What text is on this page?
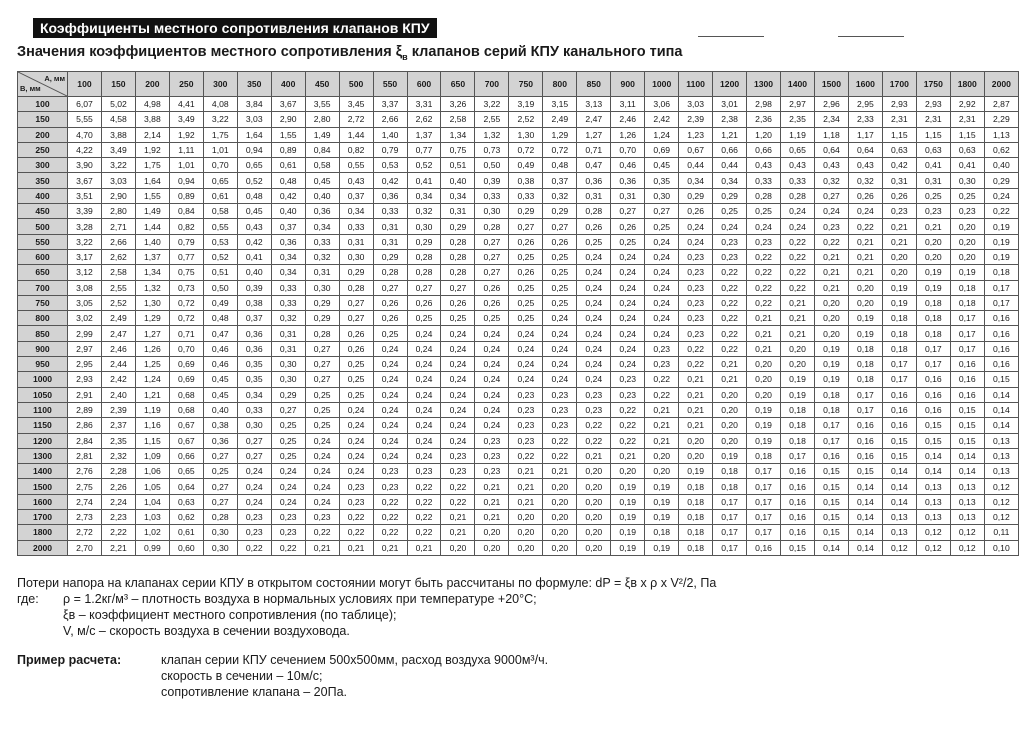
Коэффициенты местного сопротивления клапанов КПУ
Значения коэффициентов местного сопротивления $\xi_в$ клапанов серий КПУ канального типа
А, мм
В, мм	100	150	200	250	300	350	400	450	500	550	600	650	700	750	800	850	900	1000	1100	1200	1300	1400	1500	1600	1700	1750	1800	2000
100	6,07	5,02	4,98	4,41	4,08	3,84	3,67	3,55	3,45	3,37	3,31	3,26	3,22	3,19	3,15	3,13	3,11	3,06	3,03	3,01	2,98	2,97	2,96	2,95	2,93	2,93	2,92	2,87
150	5,55	4,58	3,88	3,49	3,22	3,03	2,90	2,80	2,72	2,66	2,62	2,58	2,55	2,52	2,49	2,47	2,46	2,42	2,39	2,38	2,36	2,35	2,34	2,33	2,31	2,31	2,31	2,29
200	4,70	3,88	2,14	1,92	1,75	1,64	1,55	1,49	1,44	1,40	1,37	1,34	1,32	1,30	1,29	1,27	1,26	1,24	1,23	1,21	1,20	1,19	1,18	1,17	1,15	1,15	1,15	1,13
250	4,22	3,49	1,92	1,11	1,01	0,94	0,89	0,84	0,82	0,79	0,77	0,75	0,73	0,72	0,72	0,71	0,70	0,69	0,67	0,66	0,66	0,65	0,64	0,64	0,63	0,63	0,63	0,62
300	3,90	3,22	1,75	1,01	0,70	0,65	0,61	0,58	0,55	0,53	0,52	0,51	0,50	0,49	0,48	0,47	0,46	0,45	0,44	0,44	0,43	0,43	0,43	0,43	0,42	0,41	0,41	0,40
350	3,67	3,03	1,64	0,94	0,65	0,52	0,48	0,45	0,43	0,42	0,41	0,40	0,39	0,38	0,37	0,36	0,36	0,35	0,34	0,34	0,33	0,33	0,32	0,32	0,31	0,31	0,30	0,29
400	3,51	2,90	1,55	0,89	0,61	0,48	0,42	0,40	0,37	0,36	0,34	0,34	0,33	0,33	0,32	0,31	0,31	0,30	0,29	0,29	0,28	0,28	0,27	0,26	0,26	0,25	0,25	0,24
450	3,39	2,80	1,49	0,84	0,58	0,45	0,40	0,36	0,34	0,33	0,32	0,31	0,30	0,29	0,29	0,28	0,27	0,27	0,26	0,25	0,25	0,24	0,24	0,24	0,23	0,23	0,23	0,22
500	3,28	2,71	1,44	0,82	0,55	0,43	0,37	0,34	0,33	0,31	0,30	0,29	0,28	0,27	0,27	0,26	0,26	0,25	0,24	0,24	0,24	0,24	0,23	0,22	0,21	0,21	0,20	0,19
550	3,22	2,66	1,40	0,79	0,53	0,42	0,36	0,33	0,31	0,31	0,29	0,28	0,27	0,26	0,26	0,25	0,25	0,24	0,24	0,23	0,23	0,22	0,22	0,21	0,21	0,20	0,20	0,19
600	3,17	2,62	1,37	0,77	0,52	0,41	0,34	0,32	0,30	0,29	0,28	0,28	0,27	0,25	0,25	0,24	0,24	0,24	0,23	0,23	0,22	0,22	0,21	0,21	0,20	0,20	0,20	0,19
650	3,12	2,58	1,34	0,75	0,51	0,40	0,34	0,31	0,29	0,28	0,28	0,28	0,27	0,26	0,25	0,24	0,24	0,24	0,23	0,22	0,22	0,22	0,21	0,21	0,20	0,19	0,19	0,18
700	3,08	2,55	1,32	0,73	0,50	0,39	0,33	0,30	0,28	0,27	0,27	0,27	0,26	0,25	0,25	0,24	0,24	0,24	0,23	0,22	0,22	0,22	0,21	0,20	0,19	0,19	0,18	0,17
750	3,05	2,52	1,30	0,72	0,49	0,38	0,33	0,29	0,27	0,26	0,26	0,26	0,26	0,25	0,25	0,24	0,24	0,24	0,23	0,22	0,22	0,21	0,20	0,20	0,19	0,18	0,18	0,17
800	3,02	2,49	1,29	0,72	0,48	0,37	0,32	0,29	0,27	0,26	0,25	0,25	0,25	0,25	0,24	0,24	0,24	0,24	0,23	0,22	0,21	0,21	0,20	0,19	0,18	0,18	0,17	0,16
850	2,99	2,47	1,27	0,71	0,47	0,36	0,31	0,28	0,26	0,25	0,24	0,24	0,24	0,24	0,24	0,24	0,24	0,24	0,23	0,22	0,21	0,21	0,20	0,19	0,18	0,18	0,17	0,16
900	2,97	2,46	1,26	0,70	0,46	0,36	0,31	0,27	0,26	0,24	0,24	0,24	0,24	0,24	0,24	0,24	0,24	0,23	0,22	0,22	0,21	0,20	0,19	0,18	0,18	0,17	0,17	0,16
950	2,95	2,44	1,25	0,69	0,46	0,35	0,30	0,27	0,25	0,24	0,24	0,24	0,24	0,24	0,24	0,24	0,24	0,23	0,22	0,21	0,20	0,20	0,19	0,18	0,17	0,17	0,16	0,16
1000	2,93	2,42	1,24	0,69	0,45	0,35	0,30	0,27	0,25	0,24	0,24	0,24	0,24	0,24	0,24	0,24	0,23	0,22	0,21	0,21	0,20	0,19	0,19	0,18	0,17	0,16	0,16	0,15
1050	2,91	2,40	1,21	0,68	0,45	0,34	0,29	0,25	0,25	0,24	0,24	0,24	0,24	0,23	0,23	0,23	0,23	0,22	0,21	0,20	0,20	0,19	0,18	0,17	0,16	0,16	0,16	0,14
1100	2,89	2,39	1,19	0,68	0,40	0,33	0,27	0,25	0,24	0,24	0,24	0,24	0,24	0,23	0,23	0,23	0,22	0,21	0,21	0,20	0,19	0,18	0,18	0,17	0,16	0,16	0,15	0,14
1150	2,86	2,37	1,16	0,67	0,38	0,30	0,25	0,25	0,24	0,24	0,24	0,24	0,24	0,23	0,23	0,22	0,22	0,21	0,21	0,20	0,19	0,18	0,17	0,16	0,16	0,15	0,15	0,14
1200	2,84	2,35	1,15	0,67	0,36	0,27	0,25	0,24	0,24	0,24	0,24	0,24	0,23	0,23	0,22	0,22	0,22	0,21	0,20	0,20	0,19	0,18	0,17	0,16	0,15	0,15	0,15	0,13
1300	2,81	2,32	1,09	0,66	0,27	0,27	0,25	0,24	0,24	0,24	0,24	0,23	0,23	0,22	0,22	0,21	0,21	0,20	0,20	0,19	0,18	0,17	0,16	0,16	0,15	0,14	0,14	0,13
1400	2,76	2,28	1,06	0,65	0,25	0,24	0,24	0,24	0,24	0,23	0,23	0,23	0,23	0,21	0,21	0,20	0,20	0,20	0,19	0,18	0,17	0,16	0,15	0,15	0,14	0,14	0,14	0,13
1500	2,75	2,26	1,05	0,64	0,27	0,24	0,24	0,24	0,23	0,23	0,22	0,22	0,21	0,21	0,20	0,20	0,19	0,19	0,18	0,18	0,17	0,16	0,15	0,14	0,14	0,13	0,13	0,12
1600	2,74	2,24	1,04	0,63	0,27	0,24	0,24	0,24	0,23	0,22	0,22	0,22	0,21	0,21	0,20	0,20	0,19	0,19	0,18	0,17	0,17	0,16	0,15	0,14	0,14	0,13	0,13	0,12
1700	2,73	2,23	1,03	0,62	0,28	0,23	0,23	0,23	0,22	0,22	0,22	0,21	0,21	0,20	0,20	0,20	0,19	0,19	0,18	0,17	0,17	0,16	0,15	0,14	0,13	0,13	0,13	0,12
1800	2,72	2,22	1,02	0,61	0,30	0,23	0,23	0,22	0,22	0,22	0,22	0,21	0,20	0,20	0,20	0,20	0,19	0,18	0,18	0,17	0,17	0,16	0,15	0,14	0,13	0,12	0,12	0,11
2000	2,70	2,21	0,99	0,60	0,30	0,22	0,22	0,21	0,21	0,21	0,21	0,20	0,20	0,20	0,20	0,20	0,19	0,19	0,18	0,17	0,16	0,15	0,14	0,14	0,12	0,12	0,12	0,10
Потери напора на клапанах серии КПУ в открытом состоянии могут быть рассчитаны по формуле: dP = ξв x ρ x V²/2, Па
где: ρ = 1.2кг/м³ – плотность воздуха в нормальных условиях при температуре +20°С;
ξв – коэффициент местного сопротивления (по таблице);
V, м/с – скорость воздуха в сечении воздуховода.
Пример расчета:	клапан серии КПУ сечением 500х500мм, расход воздуха 9000м³/ч.
скорость в сечении – 10м/с;
сопротивление клапана – 20Па.
